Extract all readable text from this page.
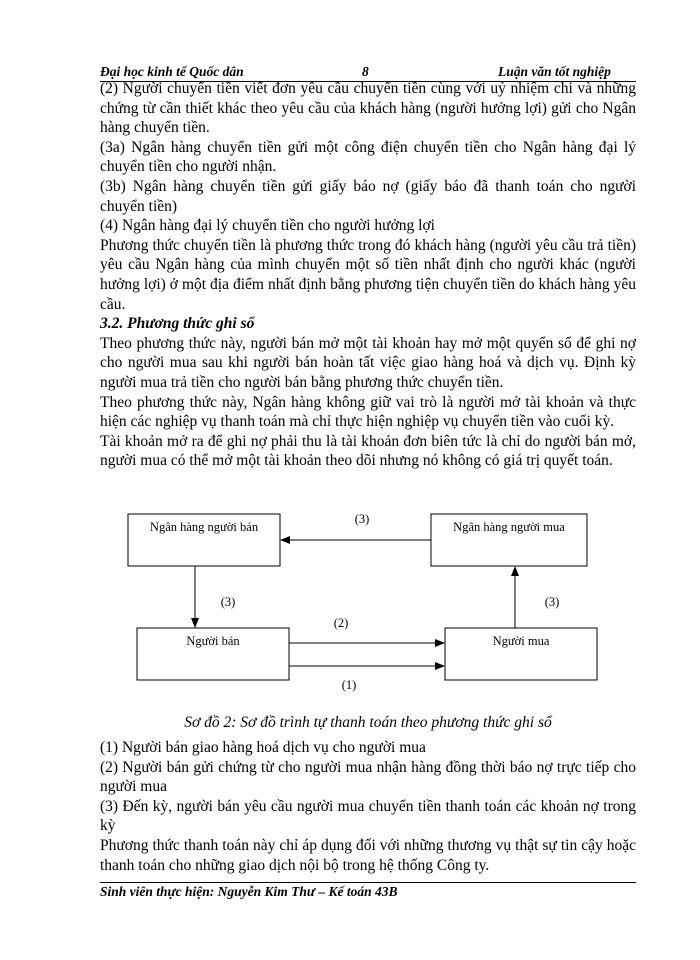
Đại học kinh tế Quốc dân	8	Luận văn tốt nghiệp

(2) Người chuyển tiền viết đơn yêu cầu chuyển tiền cùng với uỷ nhiệm chi và những chứng từ cần thiết khác theo yêu cầu của khách hàng (người hưởng lợi) gửi cho Ngân hàng chuyển tiền.

(3a) Ngân hàng chuyển tiền gửi một công điện chuyển tiền cho Ngân hàng đại lý chuyển tiền cho người nhận.

(3b) Ngân hàng chuyển tiền gửi giấy báo nợ (giấy báo đã thanh toán cho người chuyển tiền)

(4) Ngân hàng đại lý chuyển tiền cho người hưởng lợi

Phương thức chuyển tiền là phương thức trong đó khách hàng (người yêu cầu trả tiền) yêu cầu Ngân hàng của mình chuyển một số tiền nhất định cho người khác (người hưởng lợi) ở một địa điểm nhất định bằng phương tiện chuyển tiền do khách hàng yêu cầu.

3.2. Phương thức ghi sổ

Theo phương thức này, người bán mở một tài khoản hay mở một quyển sổ để ghi nợ cho người mua sau khi người bán hoàn tất việc giao hàng hoá và dịch vụ. Định kỳ người mua trả tiền cho người bán bằng phương thức chuyển tiền.

Theo phương thức này, Ngân hàng không giữ vai trò là người mở tài khoản và thực hiện các nghiệp vụ thanh toán mà chỉ thực hiện nghiệp vụ chuyển tiền vào cuối kỳ.

Tài khoản mở ra để ghi nợ phải thu là tài khoản đơn biên tức là chỉ do người bán mở, người mua có thể mở một tài khoản theo dõi nhưng nó không có giá trị quyết toán.

Ngân hàng người bán	Ngân hàng người mua
Người bán	Người mua
(3)
(3)	(3)
(2)
(1)
Sơ đồ 2: Sơ đồ trình tự thanh toán theo phương thức ghi sổ

(1) Người bán giao hàng hoá dịch vụ cho người mua

(2) Người bán gửi chứng từ cho người mua nhận hàng đồng thời báo nợ trực tiếp cho người mua

(3) Đến kỳ, người bán yêu cầu người mua chuyển tiền thanh toán các khoản nợ trong kỳ

Phương thức thanh toán này chỉ áp dụng đối với những thương vụ thật sự tin cậy hoặc thanh toán cho những giao dịch nội bộ trong hệ thống Công ty.

Sinh viên thực hiện: Nguyễn Kim Thư – Kế toán 43B
